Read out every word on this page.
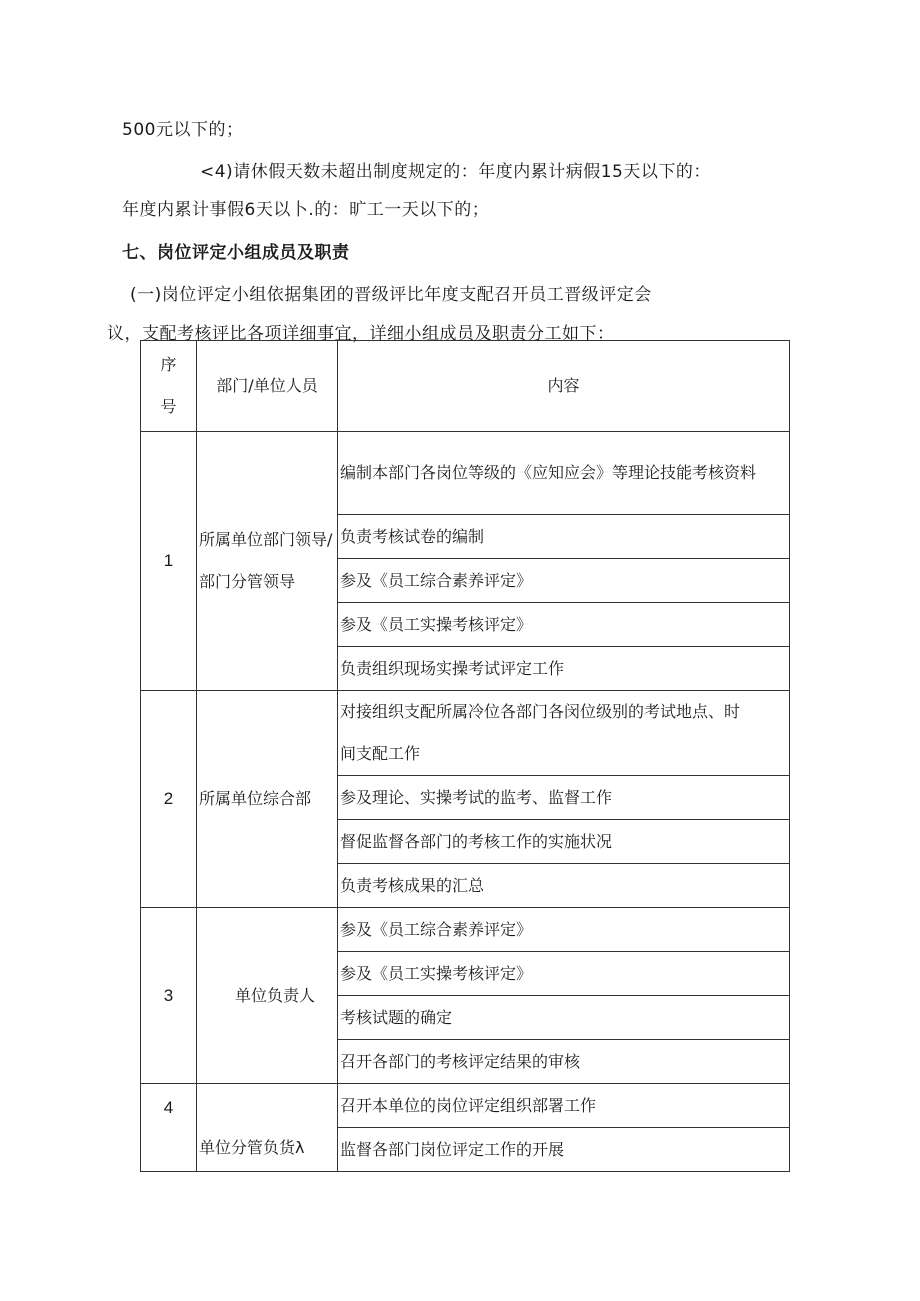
500元以下的；
<4)请休假天数未超出制度规定的：年度内累计病假15天以下的：
年度内累计事假6天以卜.的：旷工一天以下的；
七、岗位评定小组成员及职责
(一)岗位评定小组依据集团的晋级评比年度支配召开员工晋级评定会
议，支配考核评比各项详细事宜，详细小组成员及职责分工如下：
序号	部门/单位人员	内容
1	所属单位部门领导/部门分管领导	编制本部门各岗位等级的《应知应会》等理论技能考核资料

		负责考核试卷的编制
		参及《员工综合素养评定》
		参及《员工实操考核评定》
		负责组织现场实操考试评定工作
2	所属单位综合部	对接组织支配所属冷位各部门各闵位级别的考试地点、时间支配工作

		参及理论、实操考试的监考、监督工作
		督促监督各部门的考核工作的实施状况
		负责考核成果的汇总
3	单位负责人	参及《员工综合素养评定》
		参及《员工实操考核评定》
		考核试题的确定
		召开各部门的考核评定结果的审核
4	单位分管负货λ	召开本单位的岗位评定组织部署工作
		监督各部门岗位评定工作的开展
